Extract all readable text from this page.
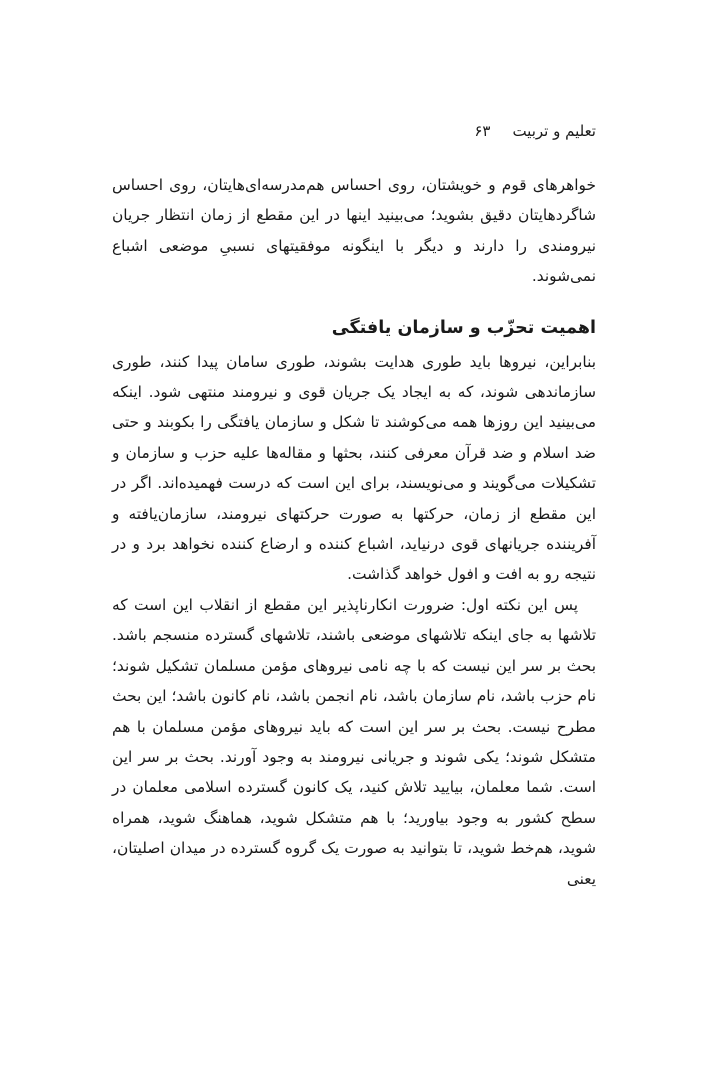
تعلیم و تربیت
۶۳

خواهرهای قوم و خویشتان، روی احساس هم‌مدرسه‌ای‌هایتان، روی احساس شاگردهایتان دقیق بشوید؛ می‌بینید اینها در این مقطع از زمان انتظار جریان نیرومندی را دارند و دیگر با اینگونه موفقیتهای نسبیِ موضعی اشباع نمی‌شوند.

اهمیت تحزّب و سازمان یافتگی

بنابراین، نیروها باید طوری هدایت بشوند، طوری سامان پیدا کنند، طوری سازماندهی شوند، که به ایجاد یک جریان قوی و نیرومند منتهی شود. اینکه می‌بینید این روزها همه می‌کوشند تا شکل و سازمان یافتگی را بکوبند و حتی ضد اسلام و ضد قرآن معرفی کنند، بحثها و مقاله‌ها علیه حزب و سازمان و تشکیلات می‌گویند و می‌نویسند، برای این است که درست فهمیده‌اند. اگر در این مقطع از زمان، حرکتها به صورت حرکتهای نیرومند، سازمان‌یافته و آفریننده جریانهای قوی درنیاید، اشباع کننده و ارضاع کننده نخواهد برد و در نتیجه رو به افت و افول خواهد گذاشت.

پس این نکته اول: ضرورت انکارناپذیر این مقطع از انقلاب این است که تلاشها به جای اینکه تلاشهای موضعی باشند، تلاشهای گسترده منسجم باشد. بحث بر سر این نیست که با چه نامی نیروهای مؤمن مسلمان تشکیل شوند؛ نام حزب باشد، نام سازمان باشد، نام انجمن باشد، نام کانون باشد؛ این بحث مطرح نیست. بحث بر سر این است که باید نیروهای مؤمن مسلمان با هم متشکل شوند؛ یکی شوند و جریانی نیرومند به وجود آورند. بحث بر سر این است. شما معلمان، بیایید تلاش کنید، یک کانون گسترده اسلامی معلمان در سطح کشور به وجود بیاورید؛ با هم متشکل شوید، هماهنگ شوید، همراه شوید، هم‌خط شوید، تا بتوانید به صورت یک گروه گسترده در میدان اصلیتان، یعنی
